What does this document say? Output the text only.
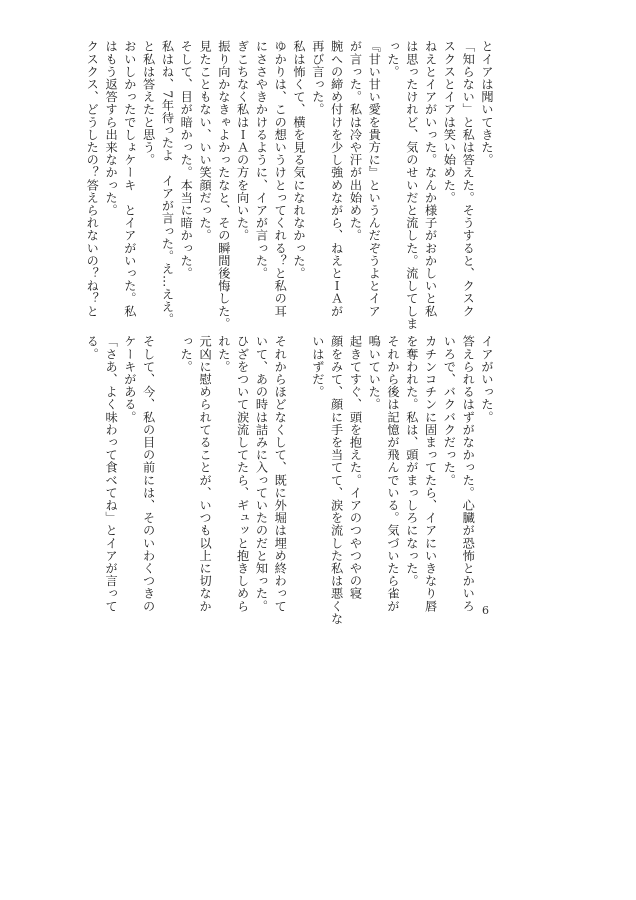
とイアは聞いてきた。
「知らない」と私は答えた。そうすると、クスク
スクスとイアは笑い始めた。
ねえとイアがいった。なんか様子がおかしいと私
は思ったけれど、気のせいだと流した。流してしま
った。
『甘い甘い愛を貴方に』というんだぞうよとイア
が言った。私は冷や汗が出始めた。
腕への締め付けを少し強めながら、ねえとＩＡが
再び言った。
私は怖くて、横を見る気になれなかった。
ゆかりは、この想いうけとってくれる？と私の耳
にささやきかけるように、イアが言った。
ぎこちなく私はＩＡの方を向いた。
振り向かなきゃよかったなと、その瞬間後悔した。
見たこともない、いい笑顔だった。
そして、目が暗かった。本当に暗かった。
私はね、7年待ったよ　イアが言った。え…ええ。
と私は答えたと思う。
おいしかったでしょケーキ　とイアがいった。私
はもう返答すら出来なかった。
クスクス、どうしたの？答えられないの？ね？と
イアがいった。
答えられるはずがなかった。心臓が恐怖とかいろ
いろで、バクバクだった。
カチンコチンに固まってたら、イアにいきなり唇
を奪われた。私は、頭がまっしろになった。
それから後は記憶が飛んでいる。気づいたら雀が
鳴いていた。
起きてすぐ、頭を抱えた。イアのつやつやの寝
顔をみて、顔に手を当てて、涙を流した私は悪くな
いはずだ。

それからほどなくして、既に外堀は埋め終わって
いて、あの時は詰みに入っていたのだと知った。
ひざをついて涙流してたら、ギュッと抱きしめら
れた。
元凶に慰められてることが、いつも以上に切なか
った。

そして、今、私の目の前には、そのいわくつきの
ケーキがある。
「さあ、よく味わって食べてね」とイアが言って
る。
6
